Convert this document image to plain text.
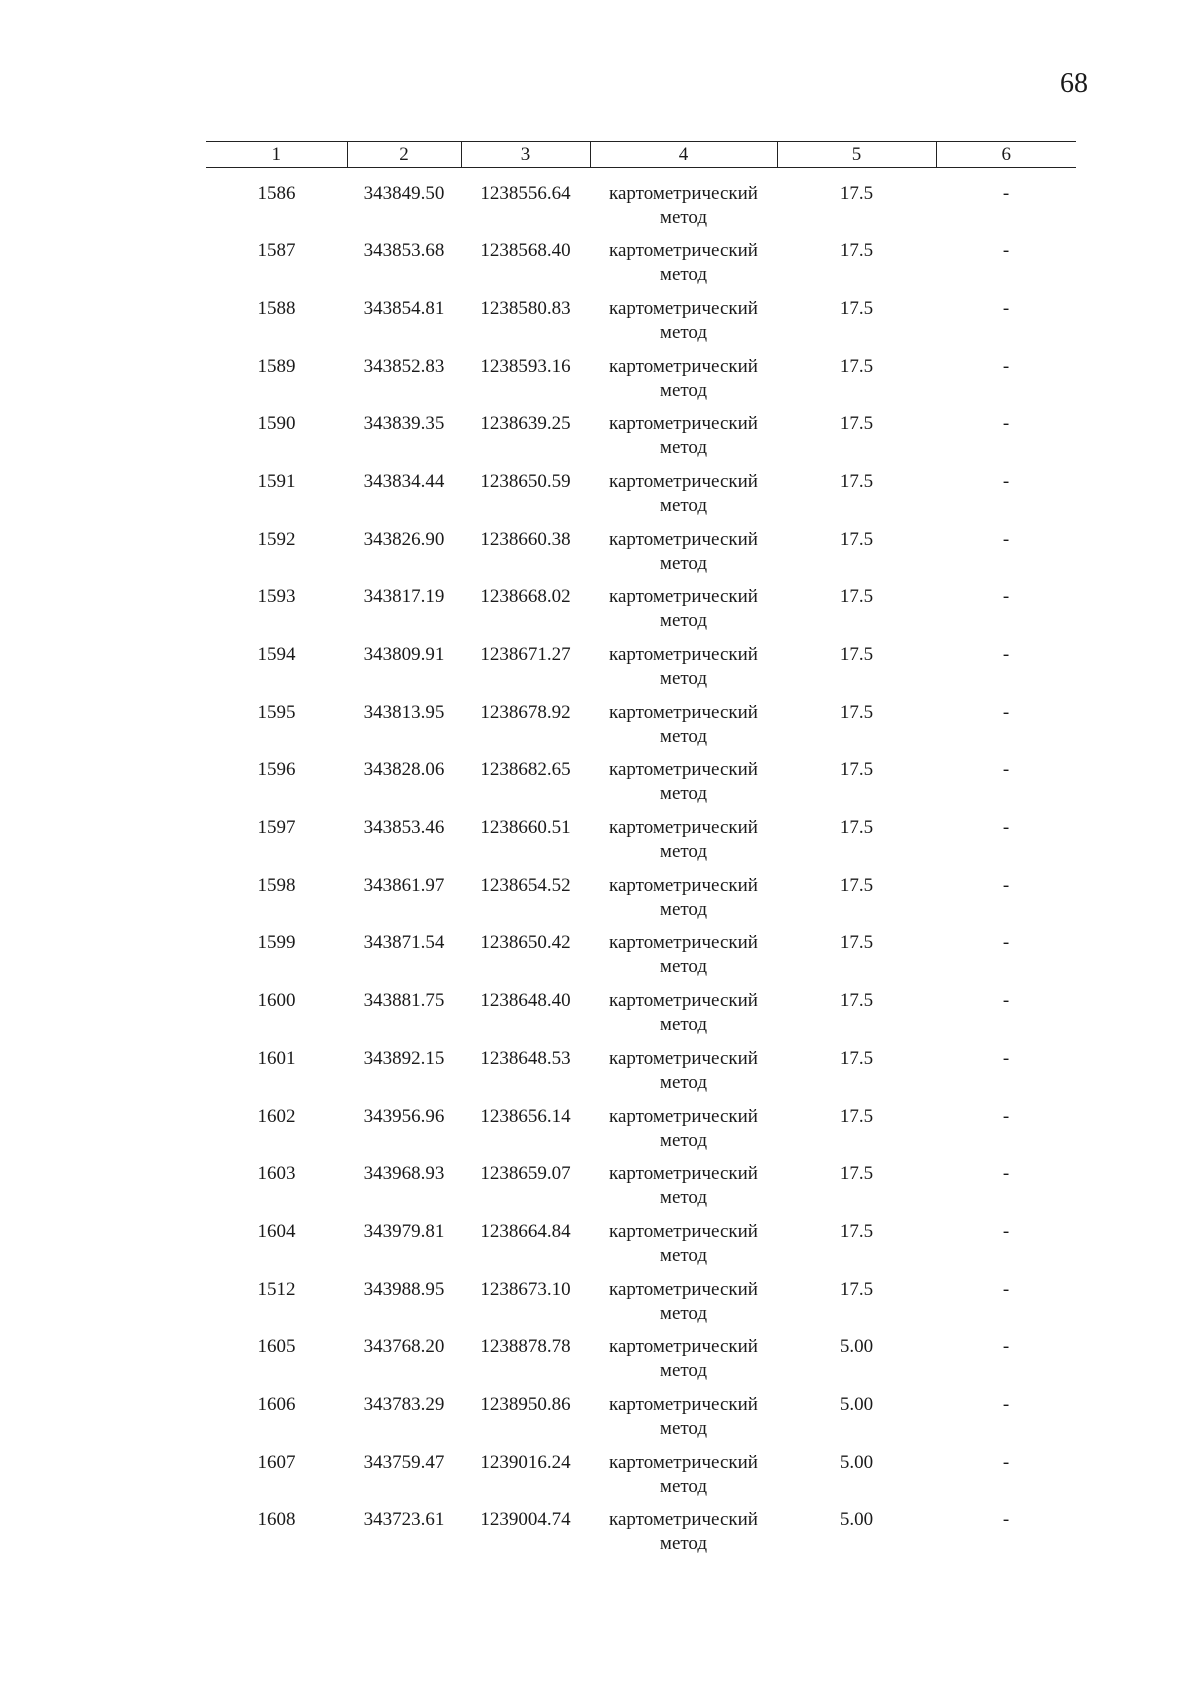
68
1	2	3	4	5	6
1586	343849.50	1238556.64	картометрический
метод	17.5	-
1587	343853.68	1238568.40	картометрический
метод	17.5	-
1588	343854.81	1238580.83	картометрический
метод	17.5	-
1589	343852.83	1238593.16	картометрический
метод	17.5	-
1590	343839.35	1238639.25	картометрический
метод	17.5	-
1591	343834.44	1238650.59	картометрический
метод	17.5	-
1592	343826.90	1238660.38	картометрический
метод	17.5	-
1593	343817.19	1238668.02	картометрический
метод	17.5	-
1594	343809.91	1238671.27	картометрический
метод	17.5	-
1595	343813.95	1238678.92	картометрический
метод	17.5	-
1596	343828.06	1238682.65	картометрический
метод	17.5	-
1597	343853.46	1238660.51	картометрический
метод	17.5	-
1598	343861.97	1238654.52	картометрический
метод	17.5	-
1599	343871.54	1238650.42	картометрический
метод	17.5	-
1600	343881.75	1238648.40	картометрический
метод	17.5	-
1601	343892.15	1238648.53	картометрический
метод	17.5	-
1602	343956.96	1238656.14	картометрический
метод	17.5	-
1603	343968.93	1238659.07	картометрический
метод	17.5	-
1604	343979.81	1238664.84	картометрический
метод	17.5	-
1512	343988.95	1238673.10	картометрический
метод	17.5	-
1605	343768.20	1238878.78	картометрический
метод	5.00	-
1606	343783.29	1238950.86	картометрический
метод	5.00	-
1607	343759.47	1239016.24	картометрический
метод	5.00	-
1608	343723.61	1239004.74	картометрический
метод	5.00	-
